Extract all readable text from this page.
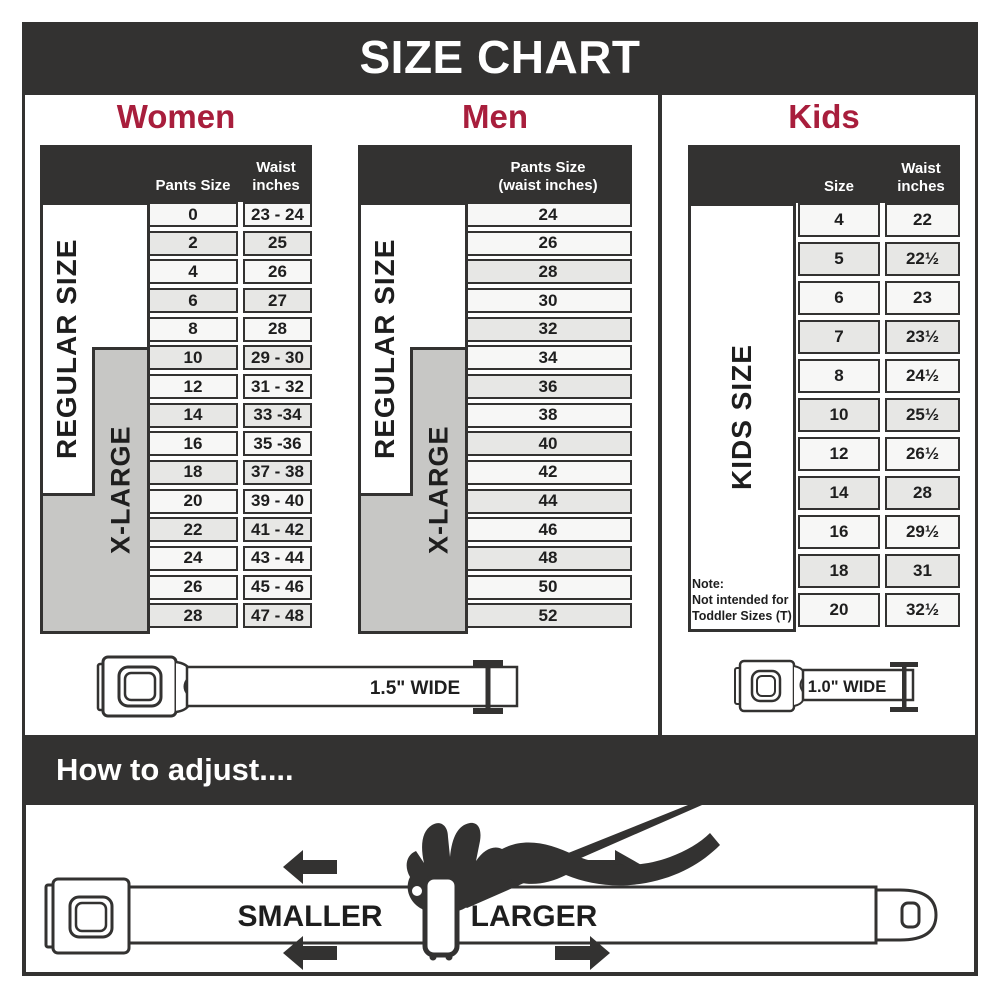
SIZE CHART
Women	Men	Kids
Pants Size
Waist inches
Pants Size
(waist inches)	Size
Waist inches
REGULAR SIZE
X-LARGE
REGULAR SIZE
X-LARGE	KIDS SIZE
Note:
Not intended for
Toddler Sizes (T)
0	23 - 24
2	25
4	26
6	27
8	28
10	29 - 30
12	31 - 32
14	33 -34
16	35 -36
18	37 - 38
20	39 - 40
22	41 - 42
24	43 - 44
26	45 - 46
28	47 - 48
24
26
28
30
32
34
36
38
40
42
44
46
48
50
52
4	22
5	22½
6	23
7	23½
8	24½
10	25½
12	26½
14	28
16	29½
18	31
20	32½
1.5" WIDE	1.0" WIDE
How to adjust....
SMALLER	LARGER
